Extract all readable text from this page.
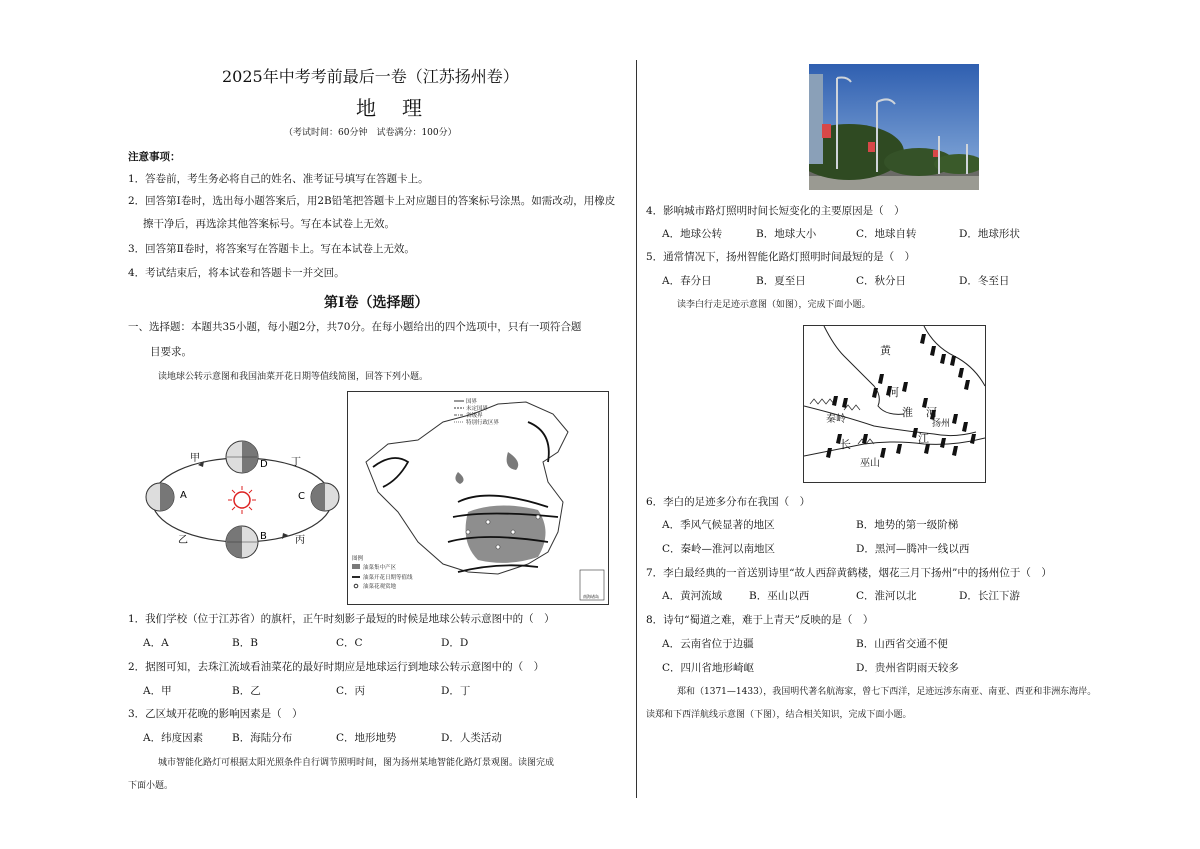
2025年中考考前最后一卷（江苏扬州卷）
地理
（考试时间：60分钟　试卷满分：100分）
注意事项：
1．答卷前，考生务必将自己的姓名、准考证号填写在答题卡上。
2．回答第Ⅰ卷时，选出每小题答案后，用2B铅笔把答题卡上对应题目的答案标号涂黑。如需改动，用橡皮
擦干净后，再选涂其他答案标号。写在本试卷上无效。
3．回答第Ⅱ卷时，将答案写在答题卡上。写在本试卷上无效。
4．考试结束后，将本试卷和答题卡一并交回。
第Ⅰ卷（选择题）
一、选择题：本题共35小题，每小题2分，共70分。在每小题给出的四个选项中，只有一项符合题
目要求。
读地球公转示意图和我国油菜开花日期等值线简图，回答下列小题。
甲
乙	丙
丁
A
B
C
D
国界
未定国界
省级界
特别行政区界
图例
油菜集中产区
油菜开花日期等值线
油菜花观赏地
南海诸岛
1．我们学校（位于江苏省）的旗杆，正午时刻影子最短的时候是地球公转示意图中的（　）
A．A	B．B	C．C	D．D
2．据图可知，去珠江流域看油菜花的最好时期应是地球运行到地球公转示意图中的（　）
A．甲	B．乙	C．丙	D．丁
3．乙区域开花晚的影响因素是（　）
A．纬度因素	B．海陆分布	C．地形地势	D．人类活动
城市智能化路灯可根据太阳光照条件自行调节照明时间，图为扬州某地智能化路灯景观图。读图完成
下面小题。
4．影响城市路灯照明时间长短变化的主要原因是（　）
A．地球公转	B．地球大小	C．地球自转	D．地球形状
5．通常情况下，扬州智能化路灯照明时间最短的是（　）
A．春分日	B．夏至日	C．秋分日	D．冬至日
读李白行走足迹示意图（如图），完成下面小题。
黄
河
淮 河
秦岭
长	江
巫山
扬州
6．李白的足迹多分布在我国（　）
A．季风气候显著的地区	B．地势的第一级阶梯
C．秦岭—淮河以南地区	D．黑河—腾冲一线以西
7．李白最经典的一首送别诗里“故人西辞黄鹤楼，烟花三月下扬州”中的扬州位于（　）
A．黄河流域	B．巫山以西	C．淮河以北	D．长江下游
8．诗句“蜀道之难，难于上青天”反映的是（　）
A．云南省位于边疆	B．山西省交通不便
C．四川省地形崎岖	D．贵州省阴雨天较多
郑和（1371—1433），我国明代著名航海家，曾七下西洋，足迹远涉东南亚、南亚、西亚和非洲东海岸。
读郑和下西洋航线示意图（下图），结合相关知识，完成下面小题。
